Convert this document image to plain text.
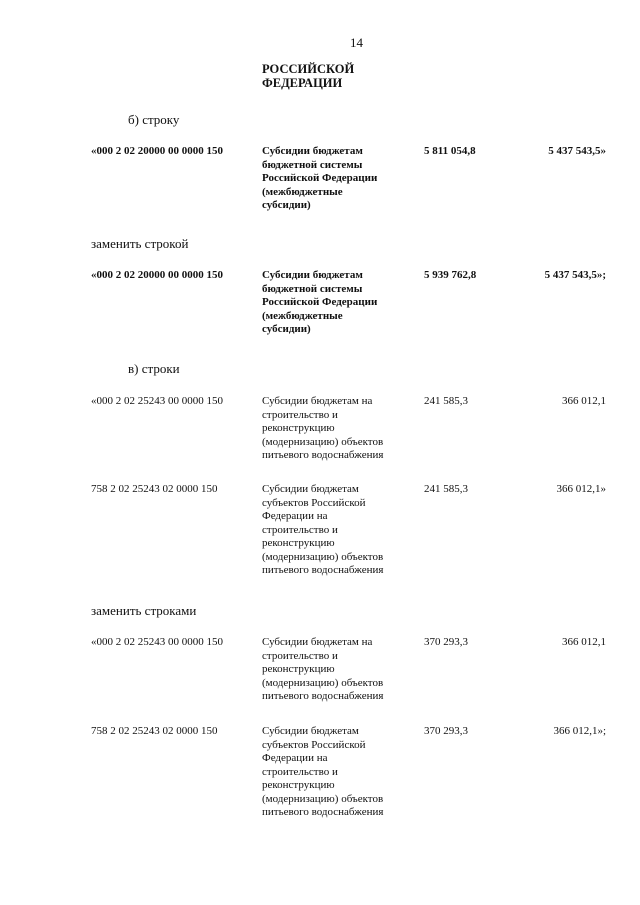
14
РОССИЙСКОЙ
ФЕДЕРАЦИИ
б) строку
«000 2 02 20000 00 0000 150	Субсидии бюджетам
бюджетной системы
Российской Федерации
(межбюджетные
субсидии)
5 811 054,8	5 437 543,5»
заменить строкой
«000 2 02 20000 00 0000 150	Субсидии бюджетам
бюджетной системы
Российской Федерации
(межбюджетные
субсидии)
5 939 762,8	5 437 543,5»;
в) строки
«000 2 02 25243 00 0000 150	Субсидии бюджетам на
строительство и
реконструкцию
(модернизацию) объектов
питьевого водоснабжения
241 585,3	366 012,1
758 2 02 25243 02 0000 150	Субсидии бюджетам
субъектов Российской
Федерации на
строительство и
реконструкцию
(модернизацию) объектов
питьевого водоснабжения
241 585,3	366 012,1»
заменить строками
«000 2 02 25243 00 0000 150	Субсидии бюджетам на
строительство и
реконструкцию
(модернизацию) объектов
питьевого водоснабжения
370 293,3	366 012,1
758 2 02 25243 02 0000 150	Субсидии бюджетам
субъектов Российской
Федерации на
строительство и
реконструкцию
(модернизацию) объектов
питьевого водоснабжения
370 293,3	366 012,1»;
